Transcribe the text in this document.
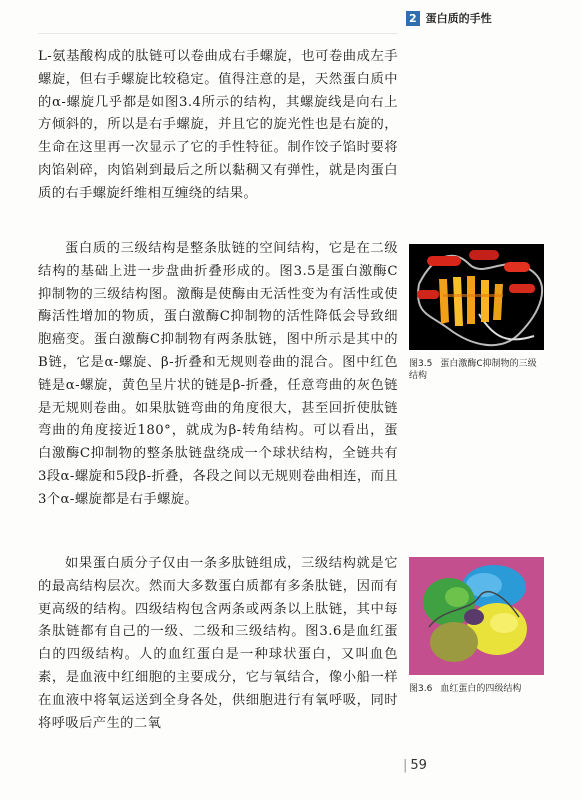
2 蛋白质的手性

L-氨基酸构成的肽链可以卷曲成右手螺旋，也可卷曲成左手螺旋，但右手螺旋比较稳定。值得注意的是，天然蛋白质中的α-螺旋几乎都是如图3.4所示的结构，其螺旋线是向右上方倾斜的，所以是右手螺旋，并且它的旋光性也是右旋的，生命在这里再一次显示了它的手性特征。制作饺子馅时要将肉馅剁碎，肉馅剁到最后之所以黏稠又有弹性，就是肉蛋白质的右手螺旋纤维相互缠绕的结果。

蛋白质的三级结构是整条肽链的空间结构，它是在二级结构的基础上进一步盘曲折叠形成的。图3.5是蛋白激酶C抑制物的三级结构图。激酶是使酶由无活性变为有活性或使酶活性增加的物质，蛋白激酶C抑制物的活性降低会导致细胞癌变。蛋白激酶C抑制物有两条肽链，图中所示是其中的B链，它是α-螺旋、β-折叠和无规则卷曲的混合。图中红色链是α-螺旋，黄色呈片状的链是β-折叠，任意弯曲的灰色链是无规则卷曲。如果肽链弯曲的角度很大，甚至回折使肽链弯曲的角度接近180°，就成为β-转角结构。可以看出，蛋白激酶C抑制物的整条肽链盘绕成一个球状结构，全链共有3段α-螺旋和5段β-折叠，各段之间以无规则卷曲相连，而且3个α-螺旋都是右手螺旋。

如果蛋白质分子仅由一条多肽链组成，三级结构就是它的最高结构层次。然而大多数蛋白质都有多条肽链，因而有更高级的结构。四级结构包含两条或两条以上肽链，其中每条肽链都有自己的一级、二级和三级结构。图3.6是血红蛋白的四级结构。人的血红蛋白是一种球状蛋白，又叫血色素，是血液中红细胞的主要成分，它与氧结合，像小船一样在血液中将氧运送到全身各处，供细胞进行有氧呼吸，同时将呼吸后产生的二氧

图3.5 蛋白激酶C抑制物的三级结构
图3.6 血红蛋白的四级结构
| 59
